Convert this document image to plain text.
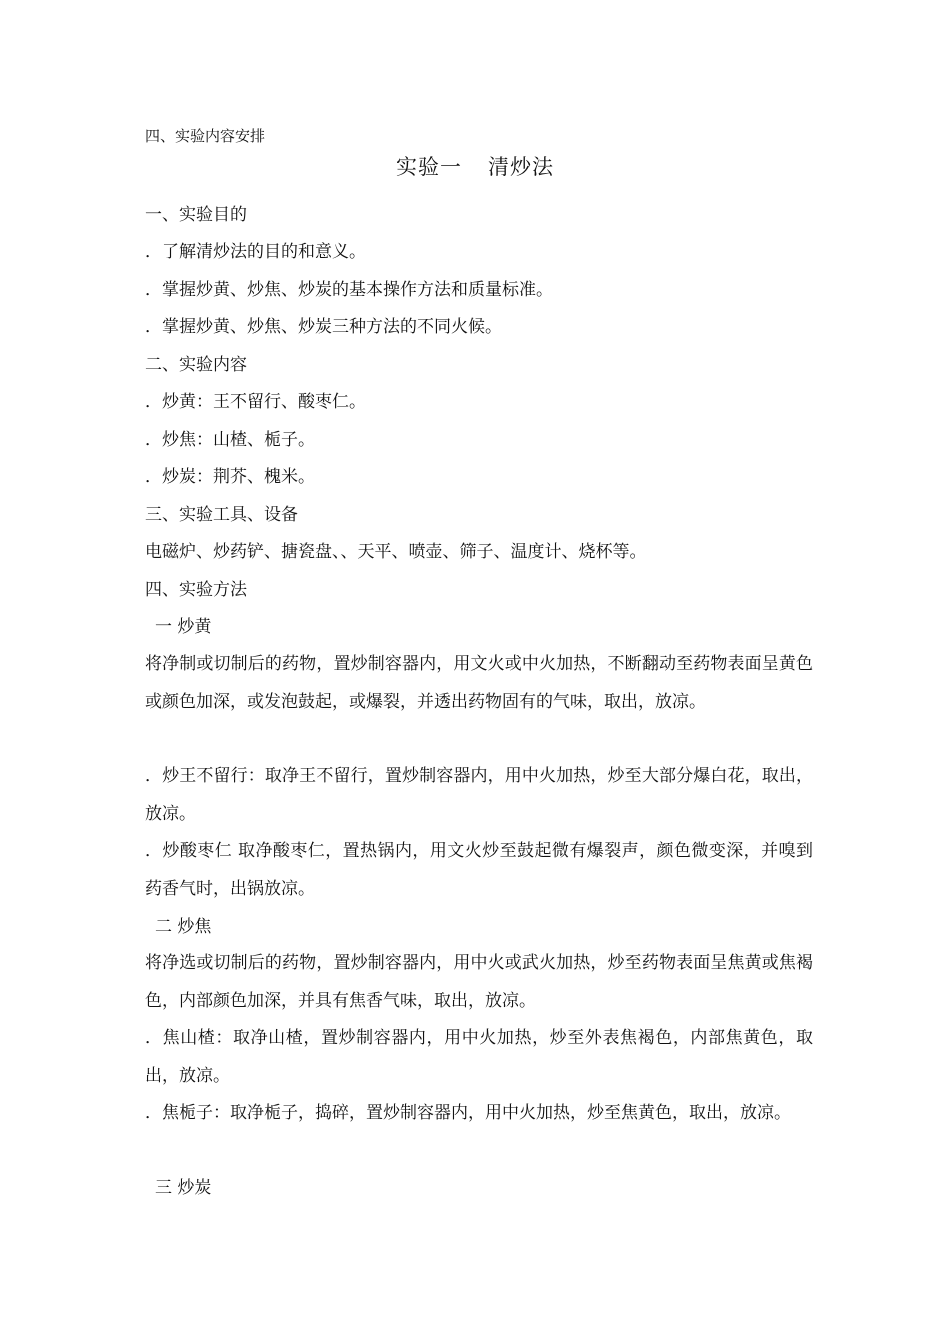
四、实验内容安排
实验一 清炒法
一、实验目的
．了解清炒法的目的和意义。
．掌握炒黄、炒焦、炒炭的基本操作方法和质量标准。
．掌握炒黄、炒焦、炒炭三种方法的不同火候。
二、实验内容
．炒黄：王不留行、酸枣仁。
．炒焦：山楂、栀子。
．炒炭：荆芥、槐米。
三、实验工具、设备
电磁炉、炒药铲、搪瓷盘、、天平、喷壶、筛子、温度计、烧杯等。
四、实验方法
一 炒黄
将净制或切制后的药物，置炒制容器内，用文火或中火加热，不断翻动至药物表面呈黄色或颜色加深，或发泡鼓起，或爆裂，并透出药物固有的气味，取出，放凉。
．炒王不留行：取净王不留行，置炒制容器内，用中火加热，炒至大部分爆白花，取出，放凉。
．炒酸枣仁 取净酸枣仁，置热锅内，用文火炒至鼓起微有爆裂声，颜色微变深，并嗅到药香气时，出锅放凉。
二 炒焦
将净选或切制后的药物，置炒制容器内，用中火或武火加热，炒至药物表面呈焦黄或焦褐色，内部颜色加深，并具有焦香气味，取出，放凉。
．焦山楂：取净山楂，置炒制容器内，用中火加热，炒至外表焦褐色，内部焦黄色，取出，放凉。
．焦栀子：取净栀子，捣碎，置炒制容器内，用中火加热，炒至焦黄色，取出，放凉。
三 炒炭
